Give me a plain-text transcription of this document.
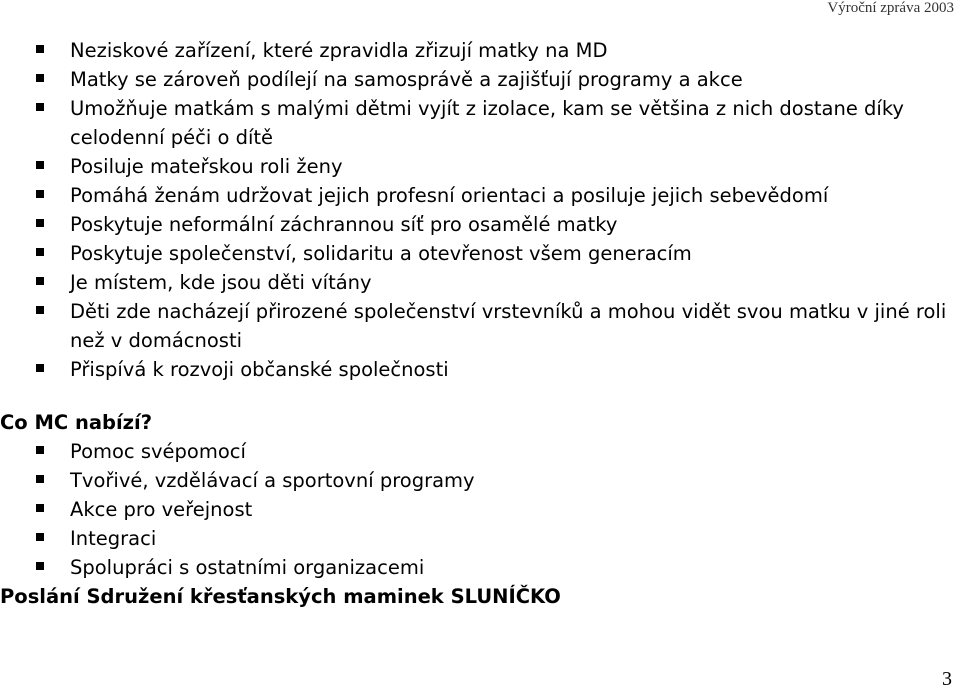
Výroční zpráva 2003
Neziskové zařízení, které zpravidla zřizují matky na MD
Matky se zároveň podílejí na samosprávě a zajišťují programy a akce
Umožňuje matkám s malými dětmi vyjít z izolace, kam se většina z nich dostane díky celodenní péči o dítě
Posiluje mateřskou roli ženy
Pomáhá ženám udržovat jejich profesní orientaci a posiluje jejich sebevědomí
Poskytuje neformální záchrannou síť pro osamělé matky
Poskytuje společenství, solidaritu a otevřenost všem generacím
Je místem, kde jsou děti vítány
Děti zde nacházejí přirozené společenství vrstevníků a mohou vidět svou matku v jiné roli než v domácnosti
Přispívá k rozvoji občanské společnosti
Co MC nabízí?
Pomoc svépomocí
Tvořivé, vzdělávací a sportovní programy
Akce pro veřejnost
Integraci
Spolupráci s ostatními organizacemi
Poslání Sdružení křesťanských maminek SLUNÍČKO
3
